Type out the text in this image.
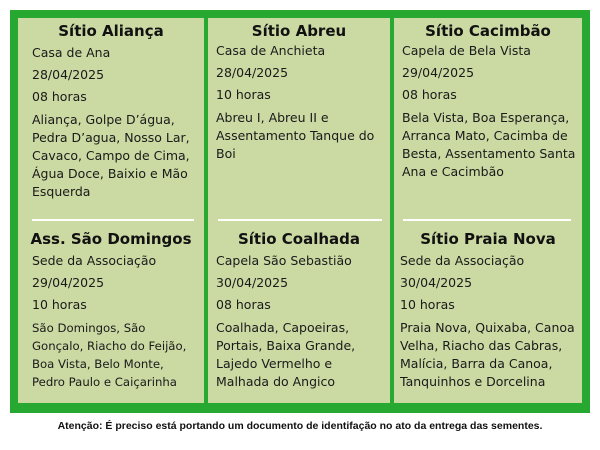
Sítio Aliança
Casa de Ana
28/04/2025
08 horas
Aliança, Golpe D’água, Pedra D’agua, Nosso Lar, Cavaco, Campo de Cima, Água Doce, Baixio e Mão Esquerda
Sítio Abreu
Casa de Anchieta
28/04/2025
10 horas
Abreu I, Abreu II e Assentamento Tanque do Boi
Sítio Cacimbão
Capela de Bela Vista
29/04/2025
08 horas
Bela Vista, Boa Esperança, Arranca Mato, Cacimba de Besta, Assentamento Santa Ana e Cacimbão
Ass. São Domingos
Sede da Associação
29/04/2025
10 horas
São Domingos, São Gonçalo, Riacho do Feijão, Boa Vista, Belo Monte, Pedro Paulo e Caiçarinha
Sítio Coalhada
Capela São Sebastião
30/04/2025
08 horas
Coalhada, Capoeiras, Portais, Baixa Grande, Lajedo Vermelho e Malhada do Angico
Sítio Praia Nova
Sede da Associação
30/04/2025
10 horas
Praia Nova, Quixaba, Canoa Velha, Riacho das Cabras, Malícia, Barra da Canoa, Tanquinhos e Dorcelina
Atenção: É preciso está portando um documento de identifação no ato da entrega das sementes.
